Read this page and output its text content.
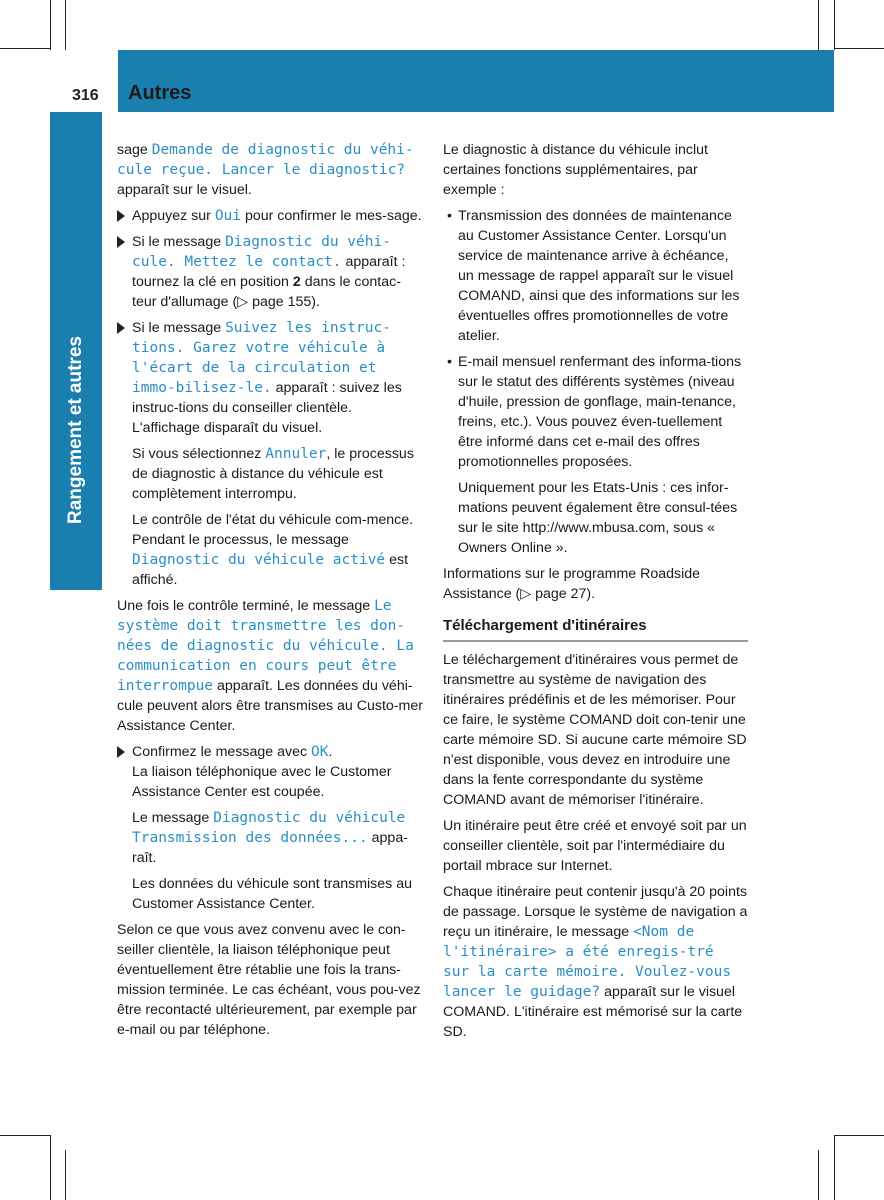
316 Autres
Rangement et autres

sage Demande de diagnostic du véhi-cule reçue. Lancer le diagnostic? apparaît sur le visuel.

Appuyez sur Oui pour confirmer le mes-sage.
Si le message Diagnostic du véhi-cule. Mettez le contact. apparaît : tournez la clé en position 2 dans le contac-teur d'allumage (▷ page 155).
Si le message Suivez les instruc-tions. Garez votre véhicule à l'écart de la circulation et immo-bilisez-le. apparaît : suivez les instruc-tions du conseiller clientèle.
L'affichage disparaît du visuel.
Si vous sélectionnez Annuler, le processus de diagnostic à distance du véhicule est complètement interrompu.
Le contrôle de l'état du véhicule com-mence. Pendant le processus, le message Diagnostic du véhicule activé est affiché.

Une fois le contrôle terminé, le message Le système doit transmettre les don-nées de diagnostic du véhicule. La communication en cours peut être interrompue apparaît. Les données du véhi-cule peuvent alors être transmises au Custo-mer Assistance Center.

Confirmez le message avec OK.
La liaison téléphonique avec le Customer Assistance Center est coupée.
Le message Diagnostic du véhicule Transmission des données... appa-raît.
Les données du véhicule sont transmises au Customer Assistance Center.

Selon ce que vous avez convenu avec le con-seiller clientèle, la liaison téléphonique peut éventuellement être rétablie une fois la trans-mission terminée. Le cas échéant, vous pou-vez être recontacté ultérieurement, par exemple par e-mail ou par téléphone.

Le diagnostic à distance du véhicule inclut certaines fonctions supplémentaires, par exemple :

• Transmission des données de maintenance au Customer Assistance Center. Lorsqu'un service de maintenance arrive à échéance, un message de rappel apparaît sur le visuel COMAND, ainsi que des informations sur les éventuelles offres promotionnelles de votre atelier.
• E-mail mensuel renfermant des informa-tions sur le statut des différents systèmes (niveau d'huile, pression de gonflage, main-tenance, freins, etc.). Vous pouvez éven-tuellement être informé dans cet e-mail des offres promotionnelles proposées.
Uniquement pour les Etats-Unis : ces infor-mations peuvent également être consul-tées sur le site http://www.mbusa.com, sous « Owners Online ».

Informations sur le programme Roadside Assistance (▷ page 27).

Téléchargement d'itinéraires

Le téléchargement d'itinéraires vous permet de transmettre au système de navigation des itinéraires prédéfinis et de les mémoriser. Pour ce faire, le système COMAND doit con-tenir une carte mémoire SD. Si aucune carte mémoire SD n'est disponible, vous devez en introduire une dans la fente correspondante du système COMAND avant de mémoriser l'itinéraire.

Un itinéraire peut être créé et envoyé soit par un conseiller clientèle, soit par l'intermédiaire du portail mbrace sur Internet.

Chaque itinéraire peut contenir jusqu'à 20 points de passage. Lorsque le système de navigation a reçu un itinéraire, le message <Nom de l'itinéraire> a été enregis-tré sur la carte mémoire. Voulez-vous lancer le guidage? apparaît sur le visuel COMAND. L'itinéraire est mémorisé sur la carte SD.
